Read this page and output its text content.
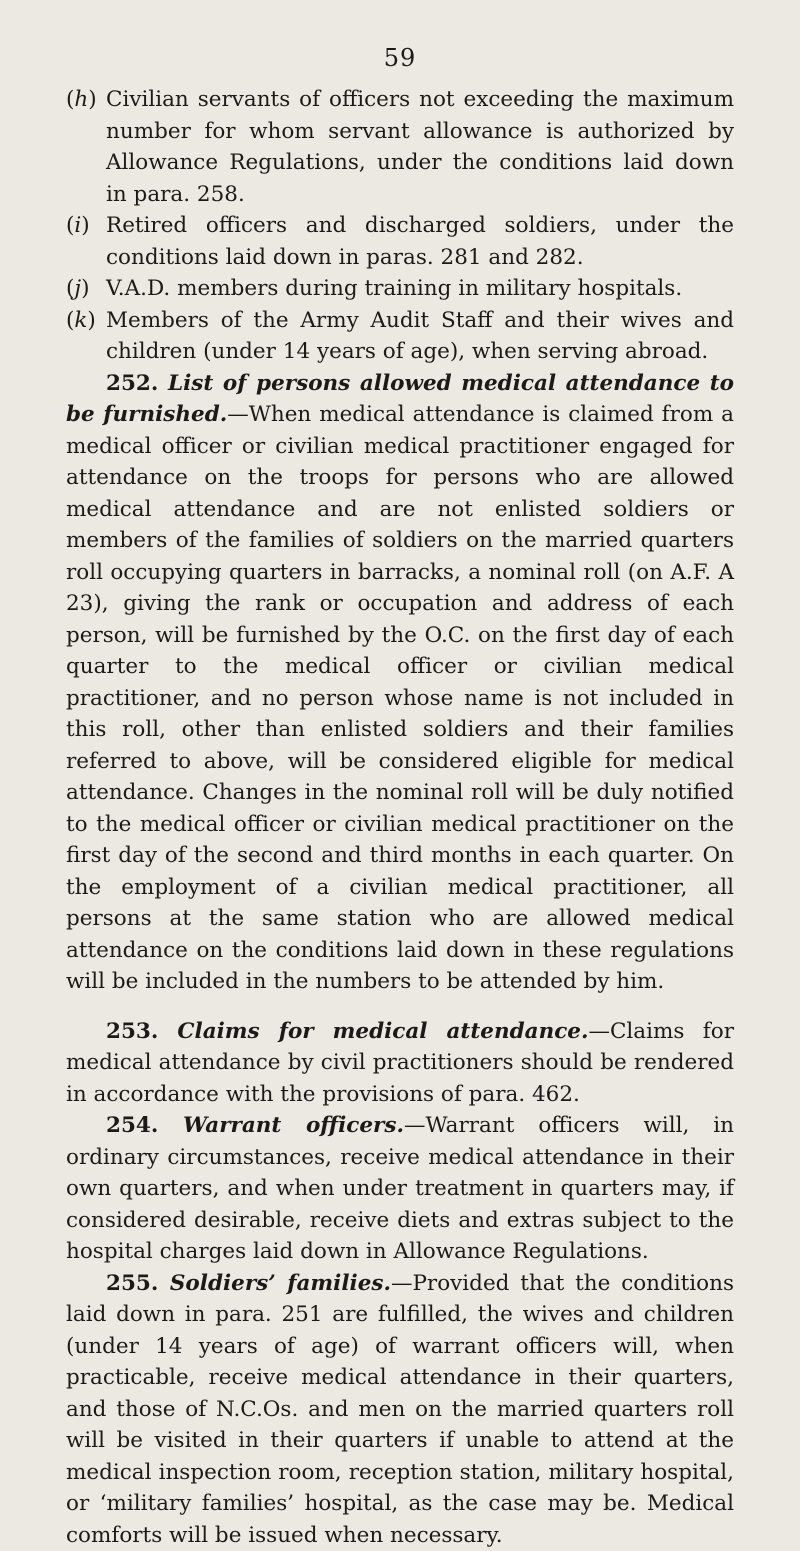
59

(h) Civilian servants of officers not exceeding the maximum number for whom servant allowance is authorized by Allowance Regulations, under the conditions laid down in para. 258.

(i) Retired officers and discharged soldiers, under the conditions laid down in paras. 281 and 282.

(j) V.A.D. members during training in military hospitals.

(k) Members of the Army Audit Staff and their wives and children (under 14 years of age), when serving abroad.

252. List of persons allowed medical attendance to be furnished.—When medical attendance is claimed from a medical officer or civilian medical practitioner engaged for attendance on the troops for persons who are allowed medical attendance and are not enlisted soldiers or members of the families of soldiers on the married quarters roll occupying quarters in barracks, a nominal roll (on A.F. A 23), giving the rank or occupation and address of each person, will be furnished by the O.C. on the first day of each quarter to the medical officer or civilian medical practitioner, and no person whose name is not included in this roll, other than enlisted soldiers and their families referred to above, will be considered eligible for medical attendance. Changes in the nominal roll will be duly notified to the medical officer or civilian medical practitioner on the first day of the second and third months in each quarter. On the employment of a civilian medical practitioner, all persons at the same station who are allowed medical attendance on the conditions laid down in these regulations will be included in the numbers to be attended by him.

253. Claims for medical attendance.—Claims for medical attendance by civil practitioners should be rendered in accordance with the provisions of para. 462.

254. Warrant officers.—Warrant officers will, in ordinary circumstances, receive medical attendance in their own quarters, and when under treatment in quarters may, if considered desirable, receive diets and extras subject to the hospital charges laid down in Allowance Regulations.

255. Soldiers’ families.—Provided that the conditions laid down in para. 251 are fulfilled, the wives and children (under 14 years of age) of warrant officers will, when practicable, receive medical attendance in their quarters, and those of N.C.Os. and men on the married quarters roll will be visited in their quarters if unable to attend at the medical inspection room, reception station, military hospital, or ‘military families’ hospital, as the case may be. Medical comforts will be issued when necessary.
